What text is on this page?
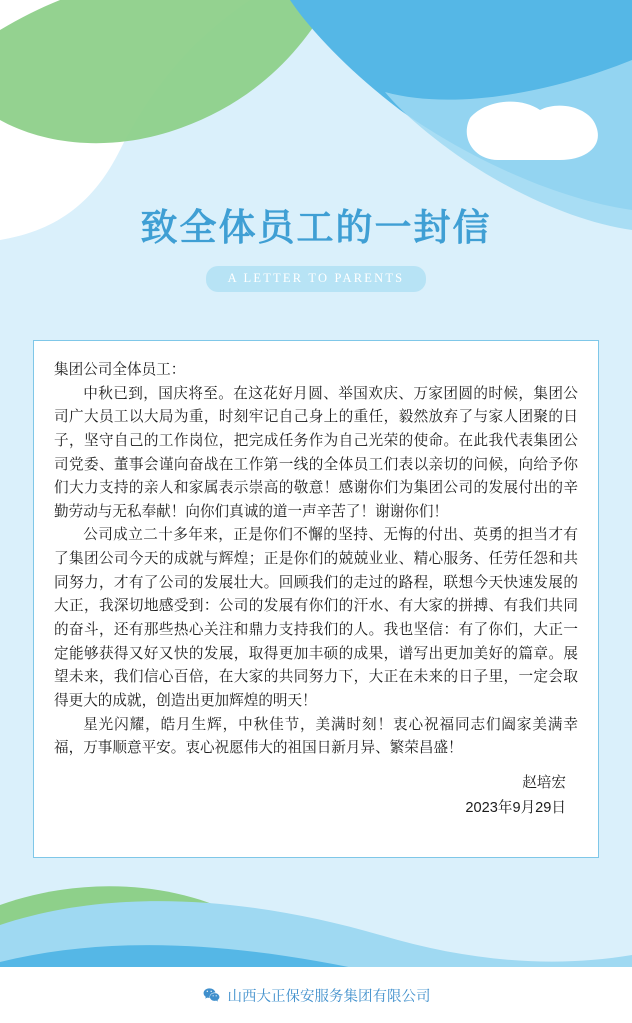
致全体员工的一封信
A LETTER TO PARENTS

集团公司全体员工：

中秋已到，国庆将至。在这花好月圆、举国欢庆、万家团圆的时候，集团公司广大员工以大局为重，时刻牢记自己身上的重任，毅然放弃了与家人团聚的日子，坚守自己的工作岗位，把完成任务作为自己光荣的使命。在此我代表集团公司党委、董事会谨向奋战在工作第一线的全体员工们表以亲切的问候，向给予你们大力支持的亲人和家属表示崇高的敬意！感谢你们为集团公司的发展付出的辛勤劳动与无私奉献！向你们真诚的道一声辛苦了！谢谢你们！

公司成立二十多年来，正是你们不懈的坚持、无悔的付出、英勇的担当才有了集团公司今天的成就与辉煌；正是你们的兢兢业业、精心服务、任劳任怨和共同努力，才有了公司的发展壮大。回顾我们的走过的路程，联想今天快速发展的大正，我深切地感受到：公司的发展有你们的汗水、有大家的拼搏、有我们共同的奋斗，还有那些热心关注和鼎力支持我们的人。我也坚信：有了你们，大正一定能够获得又好又快的发展，取得更加丰硕的成果，谱写出更加美好的篇章。展望未来，我们信心百倍，在大家的共同努力下，大正在未来的日子里，一定会取得更大的成就，创造出更加辉煌的明天！

星光闪耀，皓月生辉，中秋佳节，美满时刻！衷心祝福同志们阖家美满幸福，万事顺意平安。衷心祝愿伟大的祖国日新月异、繁荣昌盛！

赵培宏
2023年9月29日
山西大正保安服务集团有限公司
